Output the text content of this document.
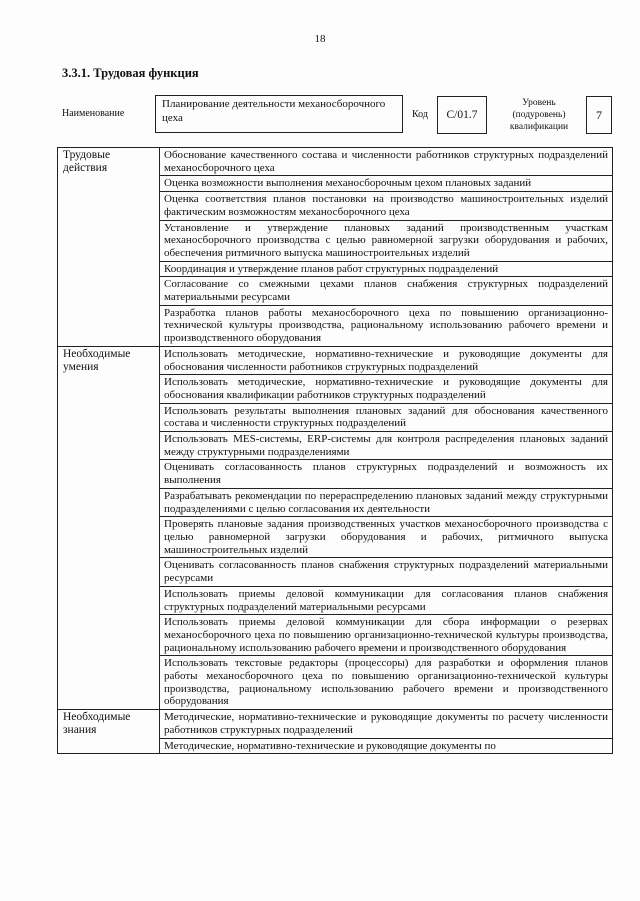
18
3.3.1. Трудовая функция
Наименование
Планирование деятельности механосборочного цеха	Код	С/01.7
Уровень (подуровень) квалификации
7
Трудовые действия	Обоснование качественного состава и численности работников структурных подразделений механосборочного цеха
	Оценка возможности выполнения механосборочным цехом плановых заданий
	Оценка соответствия планов постановки на производство машиностроительных изделий фактическим возможностям механосборочного цеха
	Установление и утверждение плановых заданий производственным участкам механосборочного производства с целью равномерной загрузки оборудования и рабочих, обеспечения ритмичного выпуска машиностроительных изделий
	Координация и утверждение планов работ структурных подразделений
	Согласование со смежными цехами планов снабжения структурных подразделений материальными ресурсами
	Разработка планов работы механосборочного цеха по повышению организационно-технической культуры производства, рациональному использованию рабочего времени и производственного оборудования
Необходимые умения	Использовать методические, нормативно-технические и руководящие документы для обоснования численности работников структурных подразделений
	Использовать методические, нормативно-технические и руководящие документы для обоснования квалификации работников структурных подразделений
	Использовать результаты выполнения плановых заданий для обоснования качественного состава и численности структурных подразделений
	Использовать MES-системы, ERP-системы для контроля распределения плановых заданий между структурными подразделениями
	Оценивать согласованность планов структурных подразделений и возможность их выполнения
	Разрабатывать рекомендации по перераспределению плановых заданий между структурными подразделениями с целью согласования их деятельности
	Проверять плановые задания производственных участков механосборочного производства с целью равномерной загрузки оборудования и рабочих, ритмичного выпуска машиностроительных изделий
	Оценивать согласованность планов снабжения структурных подразделений материальными ресурсами
	Использовать приемы деловой коммуникации для согласования планов снабжения структурных подразделений материальными ресурсами
	Использовать приемы деловой коммуникации для сбора информации о резервах механосборочного цеха по повышению организационно-технической культуры производства, рациональному использованию рабочего времени и производственного оборудования
	Использовать текстовые редакторы (процессоры) для разработки и оформления планов работы механосборочного цеха по повышению организационно-технической культуры производства, рациональному использованию рабочего времени и производственного оборудования
Необходимые знания	Методические, нормативно-технические и руководящие документы по расчету численности работников структурных подразделений
	Методические, нормативно-технические и руководящие документы по
